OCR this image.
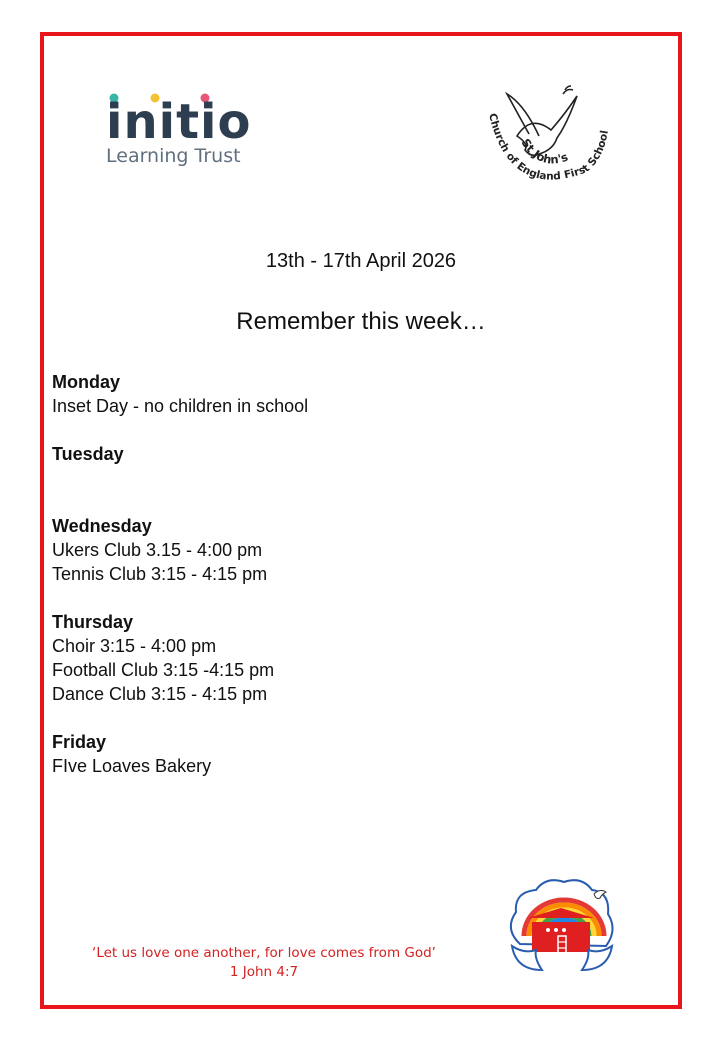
initio
Learning Trust
St John's
Church of England First School
13th - 17th April 2026
Remember this week…
Monday
Inset Day - no children in school
Tuesday
Wednesday
Ukers Club 3.15 - 4:00 pm
Tennis Club 3:15 - 4:15 pm
Thursday
Choir 3:15 - 4:00 pm
Football Club 3:15 -4:15 pm
Dance Club 3:15 - 4:15 pm
Friday
FIve Loaves Bakery
‘Let us love one another, for love comes from God’
1 John 4:7
